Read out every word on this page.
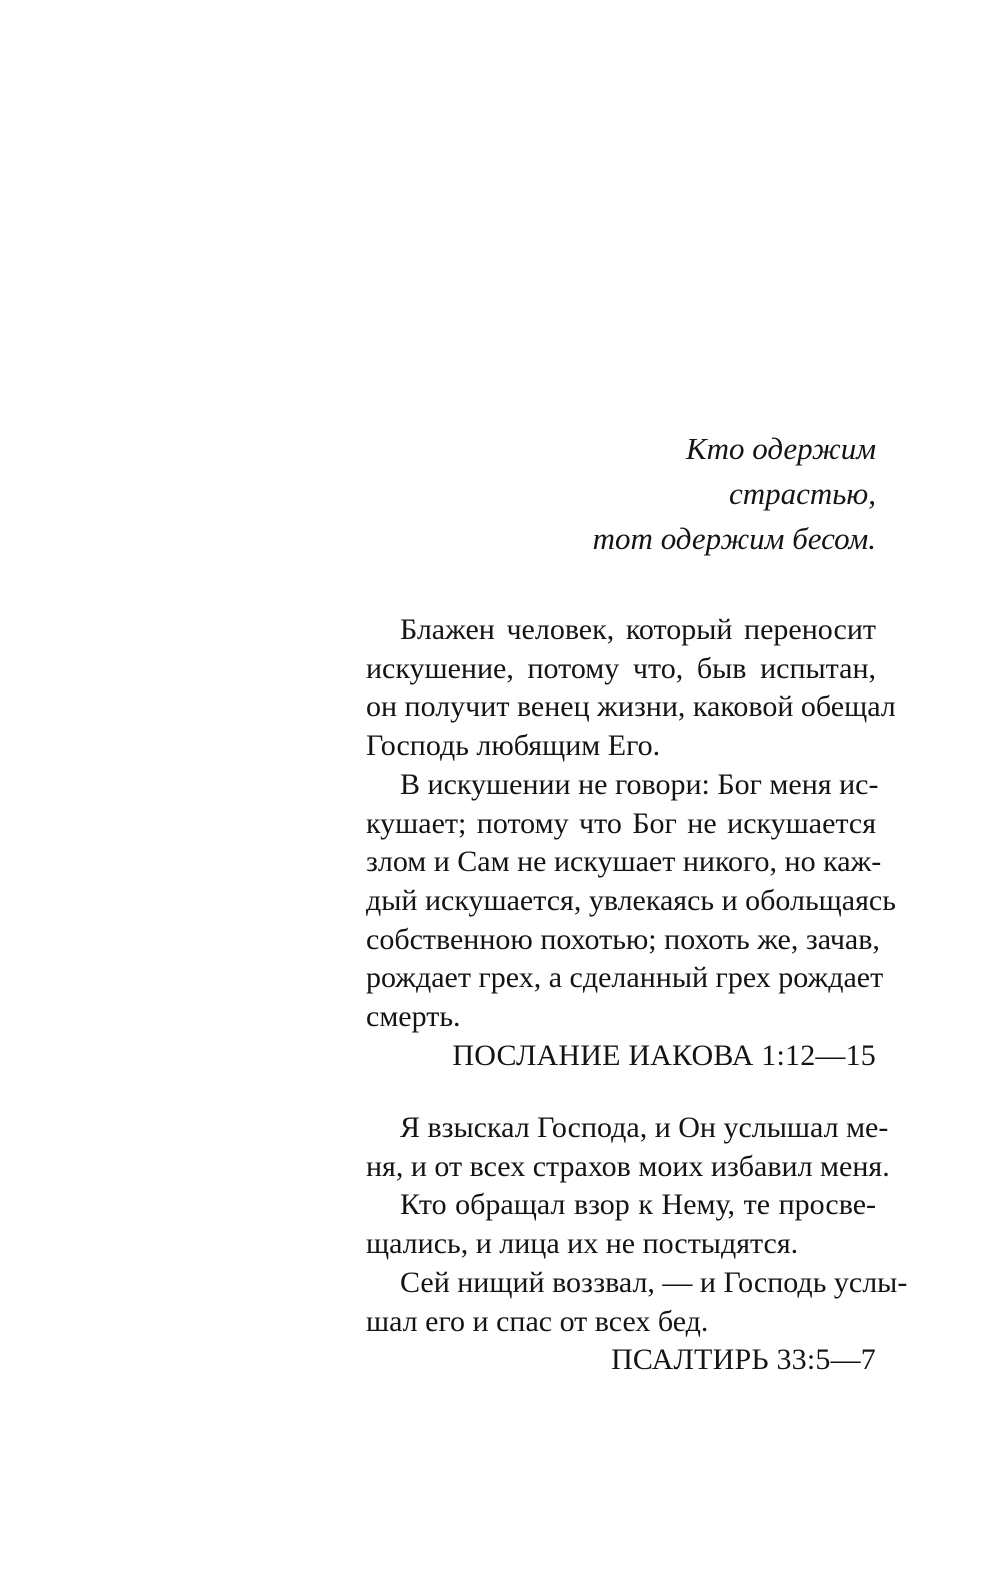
Кто одержим
страстью,
тот одержим бесом.
Блажен человек, который переносит
искушение, потому что, быв испытан,
он получит венец жизни, каковой обещал
Господь любящим Его.
В искушении не говори: Бог меня ис-
кушает; потому что Бог не искушается
злом и Сам не искушает никого, но каж-
дый искушается, увлекаясь и обольщаясь
собственною похотью; похоть же, зачав,
рождает грех, а сделанный грех рождает
смерть.
ПОСЛАНИЕ ИАКОВА 1:12—15
Я взыскал Господа, и Он услышал ме-
ня, и от всех страхов моих избавил меня.
Кто обращал взор к Нему, те просве-
щались, и лица их не постыдятся.
Сей нищий воззвал, — и Господь услы-
шал его и спас от всех бед.
ПСАЛТИРЬ 33:5—7
